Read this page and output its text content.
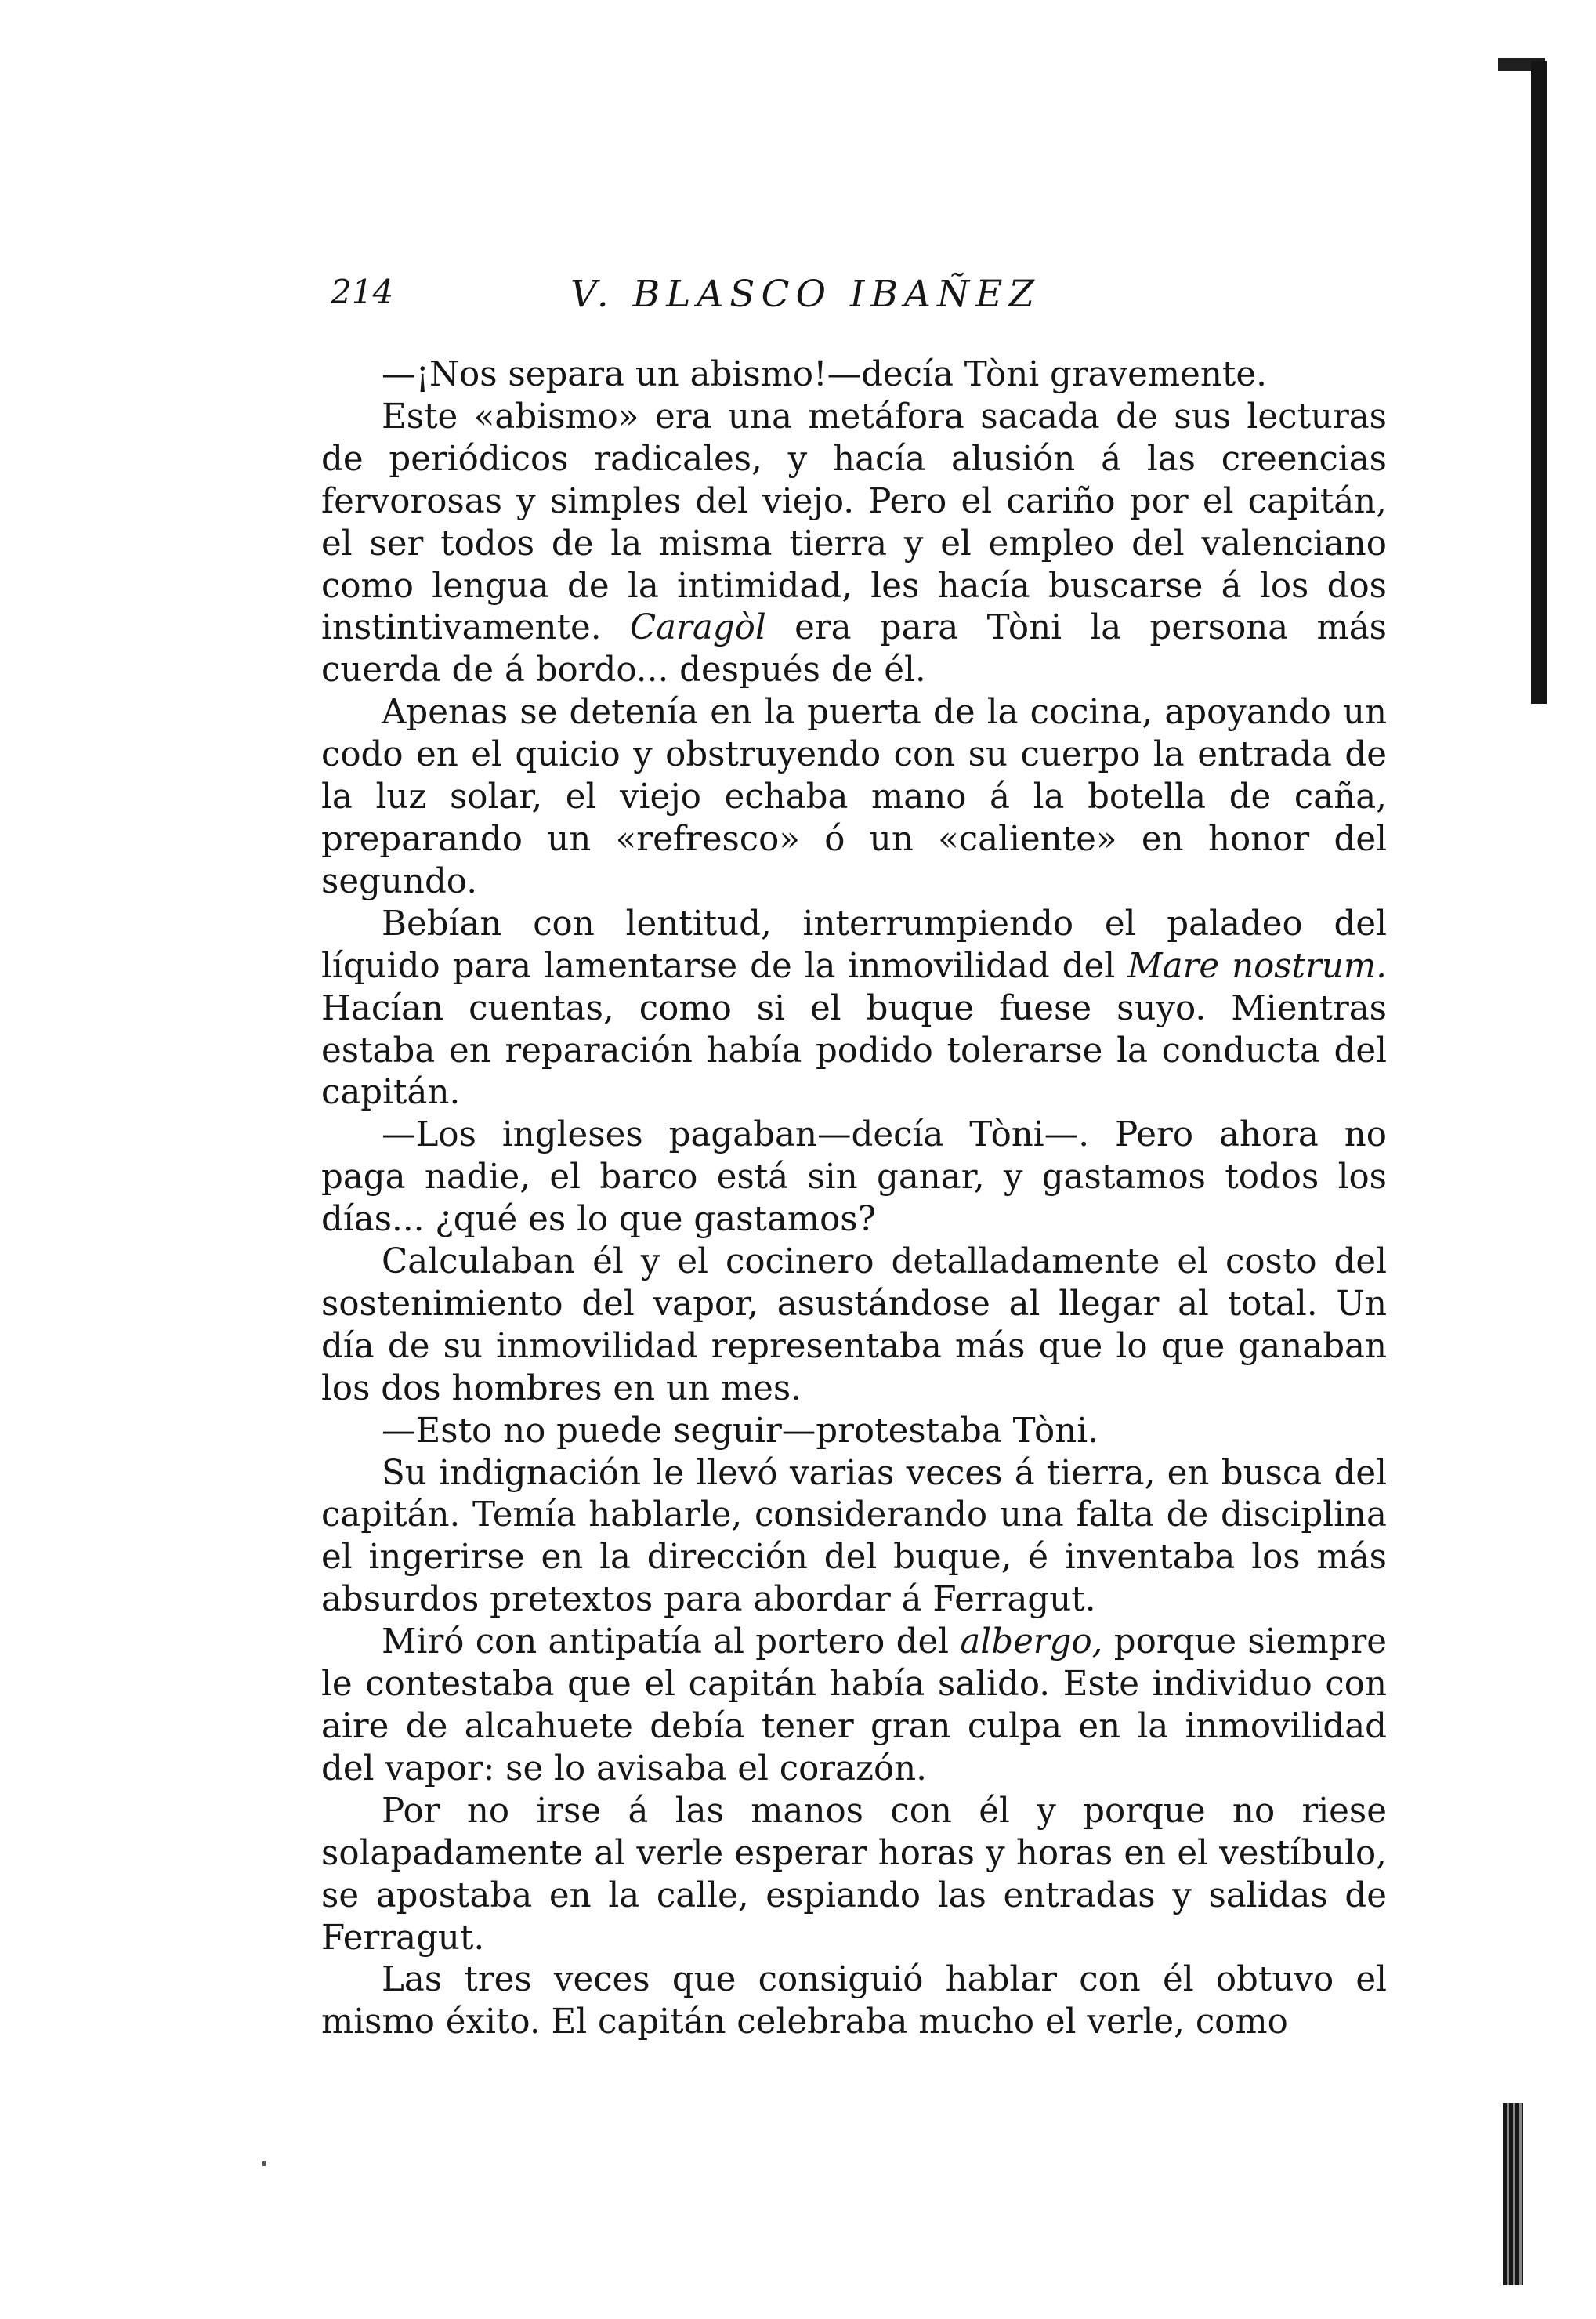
214	V. BLASCO IBAÑEZ

—¡Nos separa un abismo!—decía Tòni gravemente.

Este «abismo» era una metáfora sacada de sus lecturas de periódicos radicales, y hacía alusión á las creencias fervorosas y simples del viejo. Pero el cariño por el capitán, el ser todos de la misma tierra y el empleo del valenciano como lengua de la intimidad, les hacía buscarse á los dos instintivamente. Caragòl era para Tòni la persona más cuerda de á bordo... después de él.

Apenas se detenía en la puerta de la cocina, apoyando un codo en el quicio y obstruyendo con su cuerpo la entrada de la luz solar, el viejo echaba mano á la botella de caña, preparando un «refresco» ó un «caliente» en honor del segundo.

Bebían con lentitud, interrumpiendo el paladeo del líquido para lamentarse de la inmovilidad del Mare nostrum. Hacían cuentas, como si el buque fuese suyo. Mientras estaba en reparación había podido tolerarse la conducta del capitán.

—Los ingleses pagaban—decía Tòni—. Pero ahora no paga nadie, el barco está sin ganar, y gastamos todos los días... ¿qué es lo que gastamos?

Calculaban él y el cocinero detalladamente el costo del sostenimiento del vapor, asustándose al llegar al total. Un día de su inmovilidad representaba más que lo que ganaban los dos hombres en un mes.

—Esto no puede seguir—protestaba Tòni.

Su indignación le llevó varias veces á tierra, en busca del capitán. Temía hablarle, considerando una falta de disciplina el ingerirse en la dirección del buque, é inventaba los más absurdos pretextos para abordar á Ferragut.

Miró con antipatía al portero del albergo, porque siempre le contestaba que el capitán había salido. Este individuo con aire de alcahuete debía tener gran culpa en la inmovilidad del vapor: se lo avisaba el corazón.

Por no irse á las manos con él y porque no riese solapadamente al verle esperar horas y horas en el vestíbulo, se apostaba en la calle, espiando las entradas y salidas de Ferragut.

Las tres veces que consiguió hablar con él obtuvo el mismo éxito. El capitán celebraba mucho el verle, como
